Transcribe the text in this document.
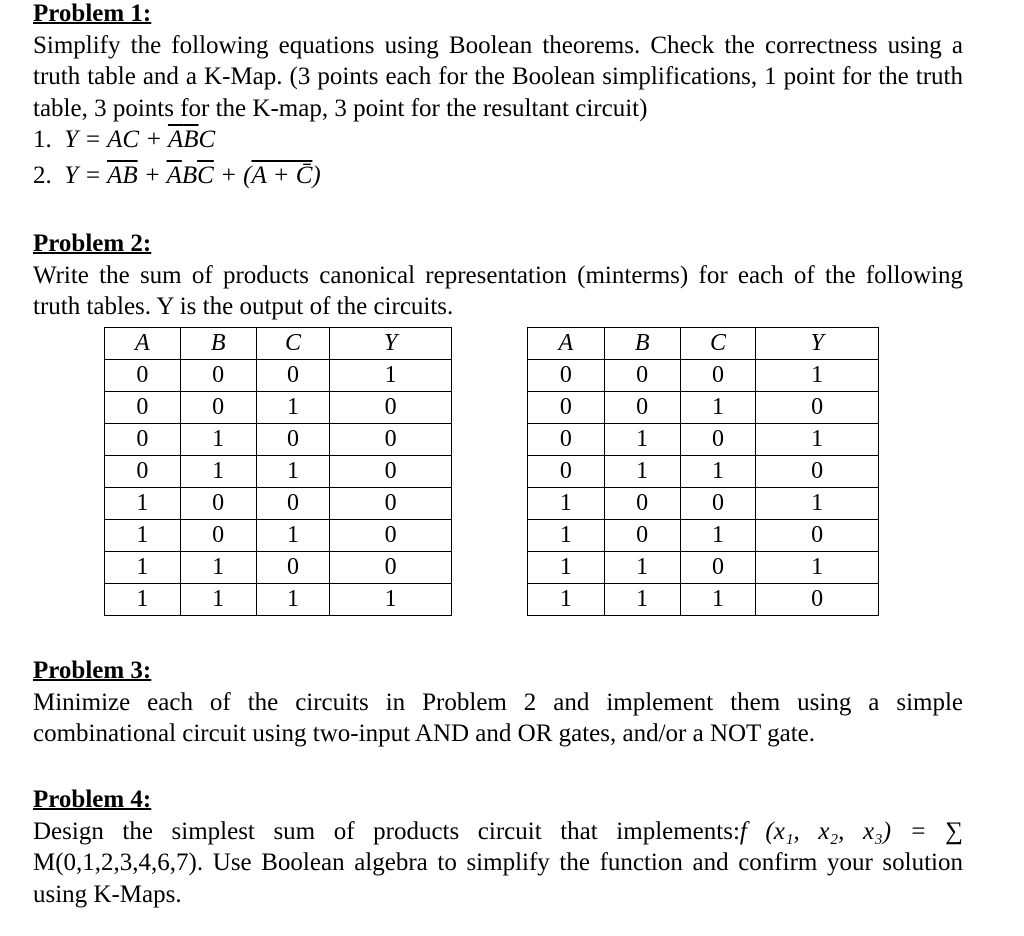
Problem 1:
Simplify the following equations using Boolean theorems. Check the correctness using a truth table and a K-Map. (3 points each for the Boolean simplifications, 1 point for the truth table, 3 points for the K-map, 3 point for the resultant circuit)
1. Y = AC + $\overline{A}\overline{B}C$
2. $Y = \overline{A}\overline{B} + \overline{A}B\overline{C} + (A$ + C̄)
Problem 2:
Write the sum of products canonical representation (minterms) for each of the following truth tables. Y is the output of the circuits.
A	B	C	Y
0	0	0	1
0	0	1	0
0	1	0	0
0	1	1	0
1	0	0	0
1	0	1	0
1	1	0	0
1	1	1	1
A	B	C	Y
0	0	0	1
0	0	1	0
0	1	0	1
0	1	1	0
1	0	0	1
1	0	1	0
1	1	0	1
1	1	1	0
Problem 3:
Minimize each of the circuits in Problem 2 and implement them using a simple combinational circuit using two-input AND and OR gates, and/or a NOT gate.
Problem 4:
Design the simplest sum of products circuit that implements:f (x₁, x₂, x₃) = ∑ M(0,1,2,3,4,6,7). Use Boolean algebra to simplify the function and confirm your solution using K-Maps.
